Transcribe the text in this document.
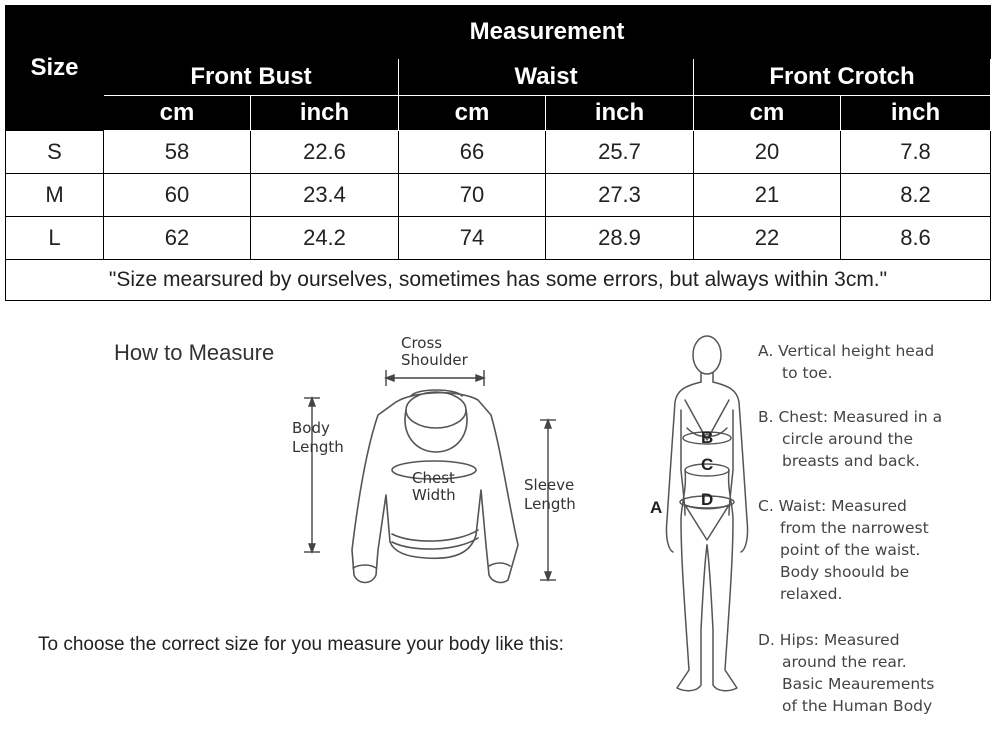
Size	Measurement					
	Front Bust		Waist		Front Crotch	
	cm	inch	cm	inch	cm	inch
S	58	22.6	66	25.7	20	7.8
M	60	23.4	70	27.3	21	8.2
L	62	24.2	74	28.9	22	8.6
"Size mearsured by ourselves, sometimes has some errors, but always within 3cm."						
How to Measure
To choose the correct size for you measure your body like this:
Cross
Shoulder
Body
Length
Chest
Width
Sleeve
Length
B
C
D
A
A. Vertical height head
to toe.
B. Chest: Measured in a
circle around the
breasts and back.
C. Waist: Measured
from the narrowest
point of the waist.
Body shoould be
relaxed.
D. Hips: Measured
around the rear.
Basic Meaurements
of the Human Body
